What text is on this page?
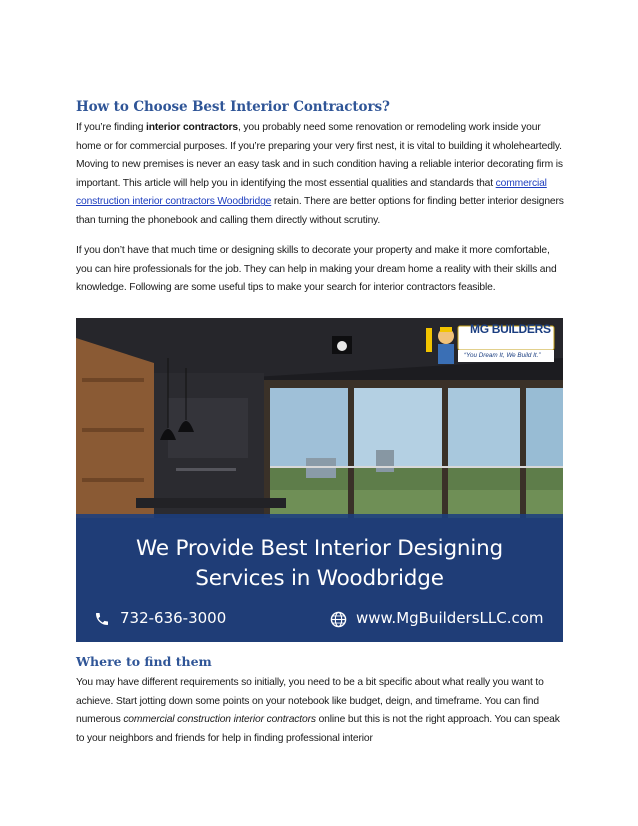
How to Choose Best Interior Contractors?

If you’re finding interior contractors, you probably need some renovation or remodeling work inside your home or for commercial purposes. If you’re preparing your very first nest, it is vital to building it wholeheartedly. Moving to new premises is never an easy task and in such condition having a reliable interior decorating firm is important. This article will help you in identifying the most essential qualities and standards that commercial construction interior contractors Woodbridge retain. There are better options for finding better interior designers than turning the phonebook and calling them directly without scrutiny.

If you don’t have that much time or designing skills to decorate your property and make it more comfortable, you can hire professionals for the job. They can help in making your dream home a reality with their skills and knowledge. Following are some useful tips to make your search for interior contractors feasible.

MG BUILDERS
“You Dream It, We Build It.”
We Provide Best Interior Designing
Services in Woodbridge
732-636-3000	www.MgBuildersLLC.com
Where to find them

You may have different requirements so initially, you need to be a bit specific about what really you want to achieve. Start jotting down some points on your notebook like budget, deign, and timeframe. You can find numerous commercial construction interior contractors online but this is not the right approach. You can speak to your neighbors and friends for help in finding professional interior
